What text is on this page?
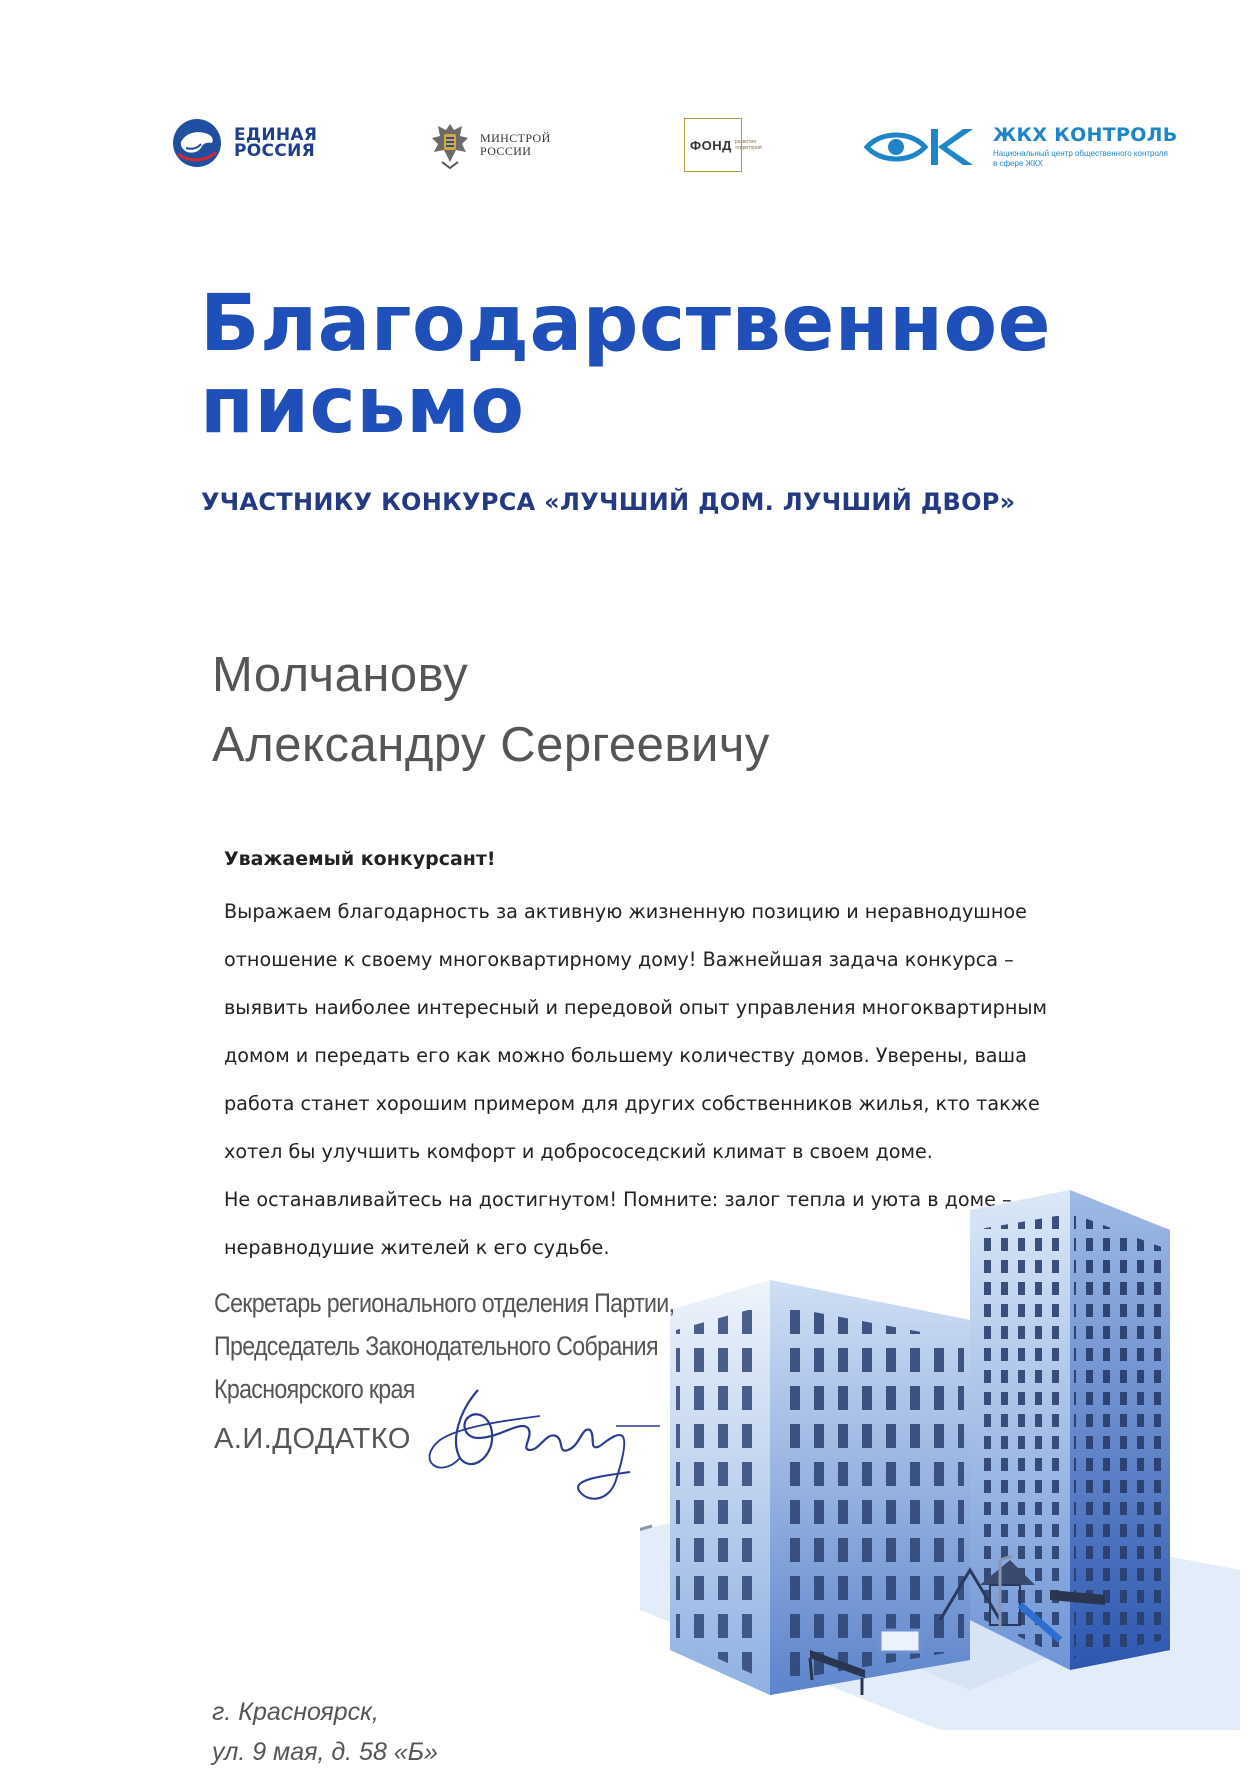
ЕДИНАЯ
РОССИЯ
МИНСТРОЙ
РОССИИ	ФОНД развития территорий
ЖКХ КОНТРОЛЬ
Национальный центр общественного контроля в сфере ЖКХ
Благодарственное
письмо
УЧАСТНИКУ КОНКУРСА «ЛУЧШИЙ ДОМ. ЛУЧШИЙ ДВОР»
Молчанову
Александру Сергеевичу
Уважаемый конкурсант!
Выражаем благодарность за активную жизненную позицию и неравнодушное
отношение к своему многоквартирному дому! Важнейшая задача конкурса –
выявить наиболее интересный и передовой опыт управления многоквартирным
домом и передать его как можно большему количеству домов. Уверены, ваша
работа станет хорошим примером для других собственников жилья, кто также
хотел бы улучшить комфорт и добрососедский климат в своем доме.
Не останавливайтесь на достигнутом! Помните: залог тепла и уюта в доме –
неравнодушие жителей к его судьбе.
Секретарь регионального отделения Партии,
Председатель Законодательного Собрания
Красноярского края
А.И.ДОДАТКО
г. Красноярск,
ул. 9 мая, д. 58 «Б»
